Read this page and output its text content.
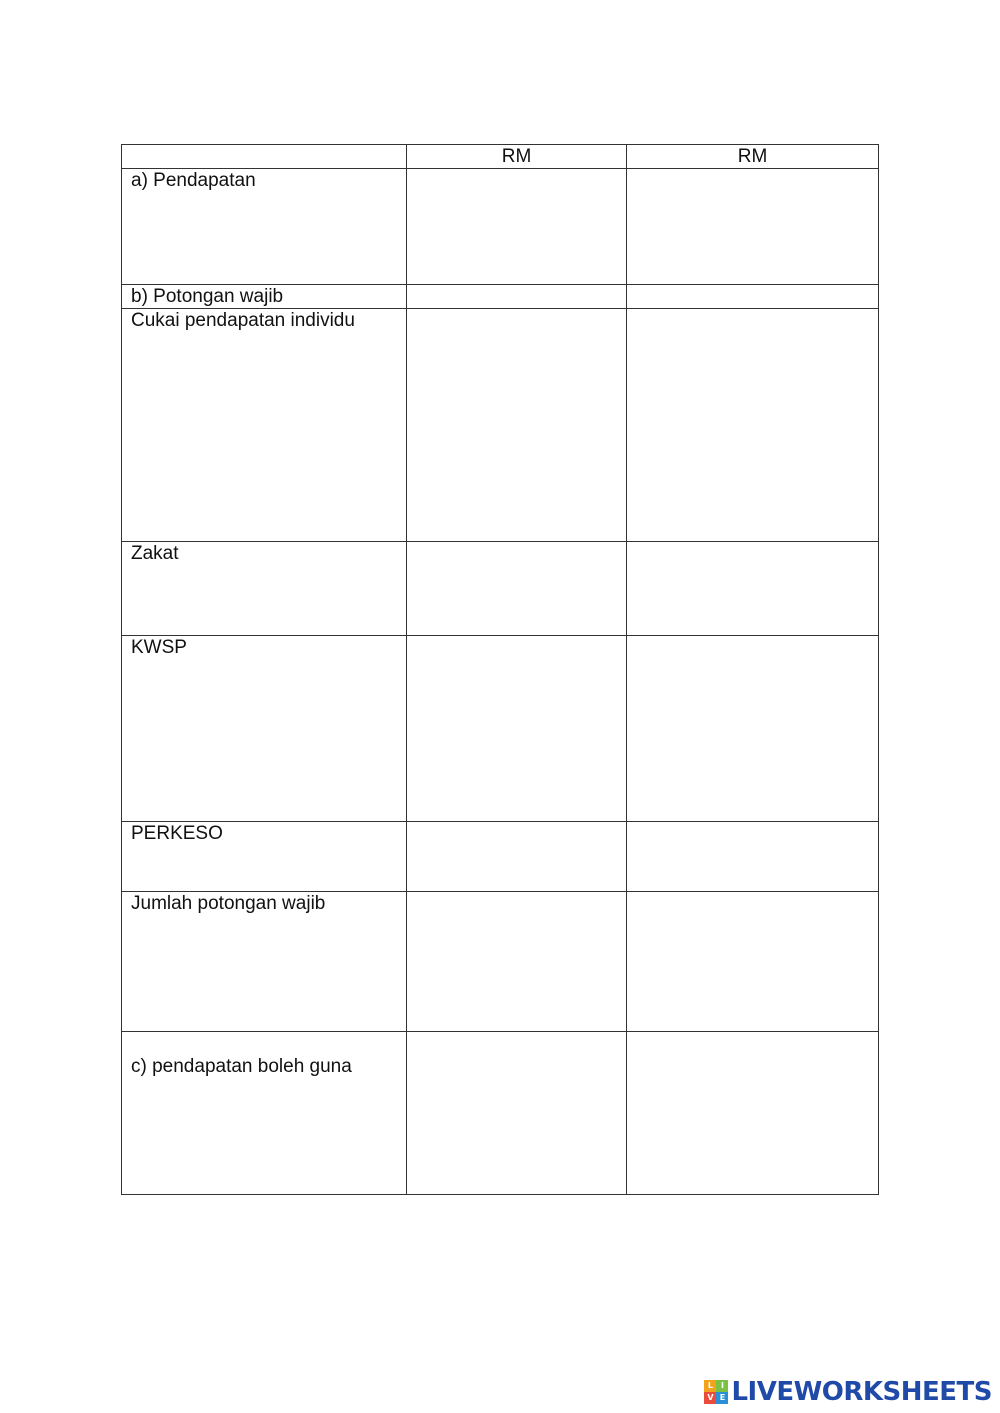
	RM	RM

a) Pendapatan		

b) Potongan wajib		

Cukai pendapatan individu		

Zakat		

KWSP		

PERKESO		

Jumlah potongan wajib		

c) pendapatan boleh guna		

L I
V E LIVEWORKSHEETS
